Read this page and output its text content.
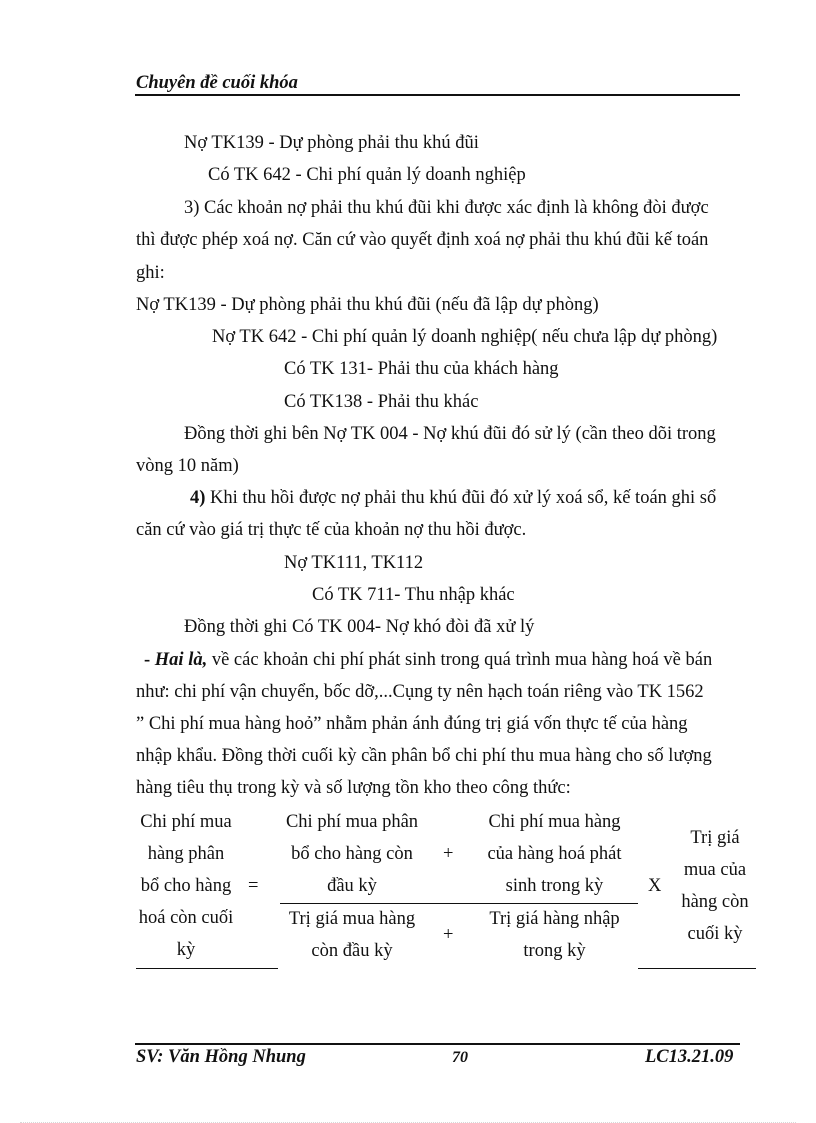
Chuyên đề cuối khóa
Nợ TK139 - Dự phòng phải thu khú đũi
Có TK 642 - Chi phí quản lý doanh nghiệp
3) Các khoản nợ phải thu khú đũi khi được xác định là không đòi được
thì được phép xoá nợ. Căn cứ vào quyết định xoá nợ phải thu khú đũi kế toán
ghi:
Nợ TK139 - Dự phòng phải thu khú đũi (nếu đã lập dự phòng)
Nợ TK 642 - Chi phí quản lý doanh nghiệp( nếu chưa lập dự phòng)
Có TK 131- Phải thu của khách hàng
Có TK138 - Phải thu khác
Đồng thời ghi bên Nợ TK 004 - Nợ khú đũi đó sử lý (cần theo dõi trong
vòng 10 năm)
4) Khi thu hồi được nợ phải thu khú đũi đó xử lý xoá sổ, kế toán ghi sổ
căn cứ vào giá trị thực tế của khoản nợ thu hồi được.
Nợ TK111, TK112
Có TK 711- Thu nhập khác
Đồng thời ghi Có TK 004- Nợ khó đòi đã xử lý
- Hai là, về các khoản chi phí phát sinh trong quá trình mua hàng hoá về bán
như: chi phí vận chuyển, bốc dỡ,...Cụng ty nên hạch toán riêng vào TK 1562
” Chi phí mua hàng hoỏ” nhằm phản ánh đúng trị giá vốn thực tế của hàng
nhập khẩu. Đồng thời cuối kỳ cần phân bổ chi phí thu mua hàng cho số lượng
hàng tiêu thụ trong kỳ và số lượng tồn kho theo công thức:
Chi phí mua
hàng phân
bổ cho hàng
hoá còn cuối
kỳ
=
Chi phí mua phân
bổ cho hàng còn
đầu kỳ
+
Chi phí mua hàng
của hàng hoá phát
sinh trong kỳ
Trị giá mua hàng
còn đầu kỳ
+
Trị giá hàng nhập
trong kỳ
X
Trị giá
mua của
hàng còn
cuối kỳ
SV: Văn Hồng Nhung	70	LC13.21.09
